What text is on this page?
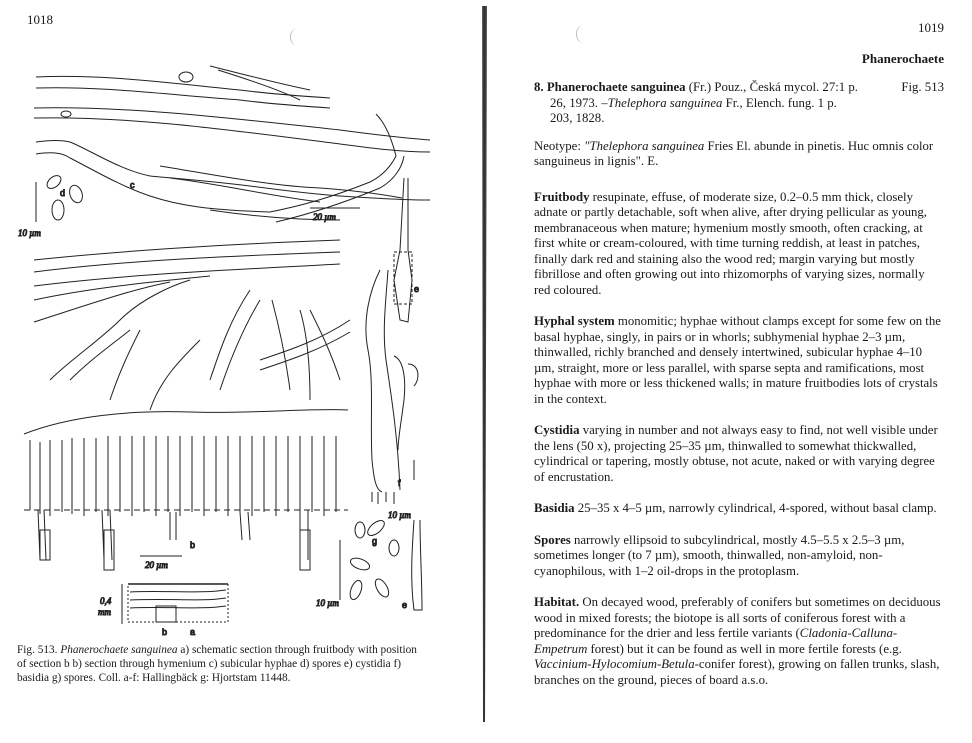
1018
c
20 µm
d
10 µm
b
20 µm
e
f
10 µm
g
10 µm	e
0,4
mm
b	a
Fig. 513. Phanerochaete sanguinea a) schematic section through fruitbody with position of section b b) section through hymenium c) subicular hyphae d) spores e) cystidia f) basidia g) spores. Coll. a-f: Hallingbäck g: Hjortstam 11448.
1019
Phanerochaete
8. Phanerochaete sanguinea (Fr.) Pouz., Česká mycol. 27:1 p. 26, 1973. –Thelephora sanguinea Fr., Elench. fung. 1 p. 203, 1828.
Fig. 513
Neotype: "Thelephora sanguinea Fries El. abunde in pinetis. Huc omnis color sanguineus in lignis". E.
Fruitbody resupinate, effuse, of moderate size, 0.2–0.5 mm thick, closely adnate or partly detachable, soft when alive, after drying pellicular as young, membranaceous when mature; hymenium mostly smooth, often cracking, at first white or cream-coloured, with time turning reddish, at least in patches, finally dark red and staining also the wood red; margin varying but mostly fibrillose and often growing out into rhizomorphs of varying sizes, normally red coloured.
Hyphal system monomitic; hyphae without clamps except for some few on the basal hyphae, singly, in pairs or in whorls; subhymenial hyphae 2–3 µm, thinwalled, richly branched and densely intertwined, subicular hyphae 4–10 µm, straight, more or less parallel, with sparse septa and ramifications, most hyphae with more or less thickened walls; in mature fruitbodies lots of crystals in the context.
Cystidia varying in number and not always easy to find, not well visible under the lens (50 x), projecting 25–35 µm, thinwalled to somewhat thickwalled, cylindrical or tapering, mostly obtuse, not acute, naked or with varying degree of encrustation.
Basidia 25–35 x 4–5 µm, narrowly cylindrical, 4-spored, without basal clamp.
Spores narrowly ellipsoid to subcylindrical, mostly 4.5–5.5 x 2.5–3 µm, sometimes longer (to 7 µm), smooth, thinwalled, non-amyloid, non-cyanophilous, with 1–2 oil-drops in the protoplasm.
Habitat. On decayed wood, preferably of conifers but sometimes on deciduous wood in mixed forests; the biotope is all sorts of coniferous forest with a predominance for the drier and less fertile variants (Cladonia-Calluna-Empetrum forest) but it can be found as well in more fertile forests (e.g. Vaccinium-Hylocomium-Betula-conifer forest), growing on fallen trunks, slash, branches on the ground, pieces of board a.s.o.
